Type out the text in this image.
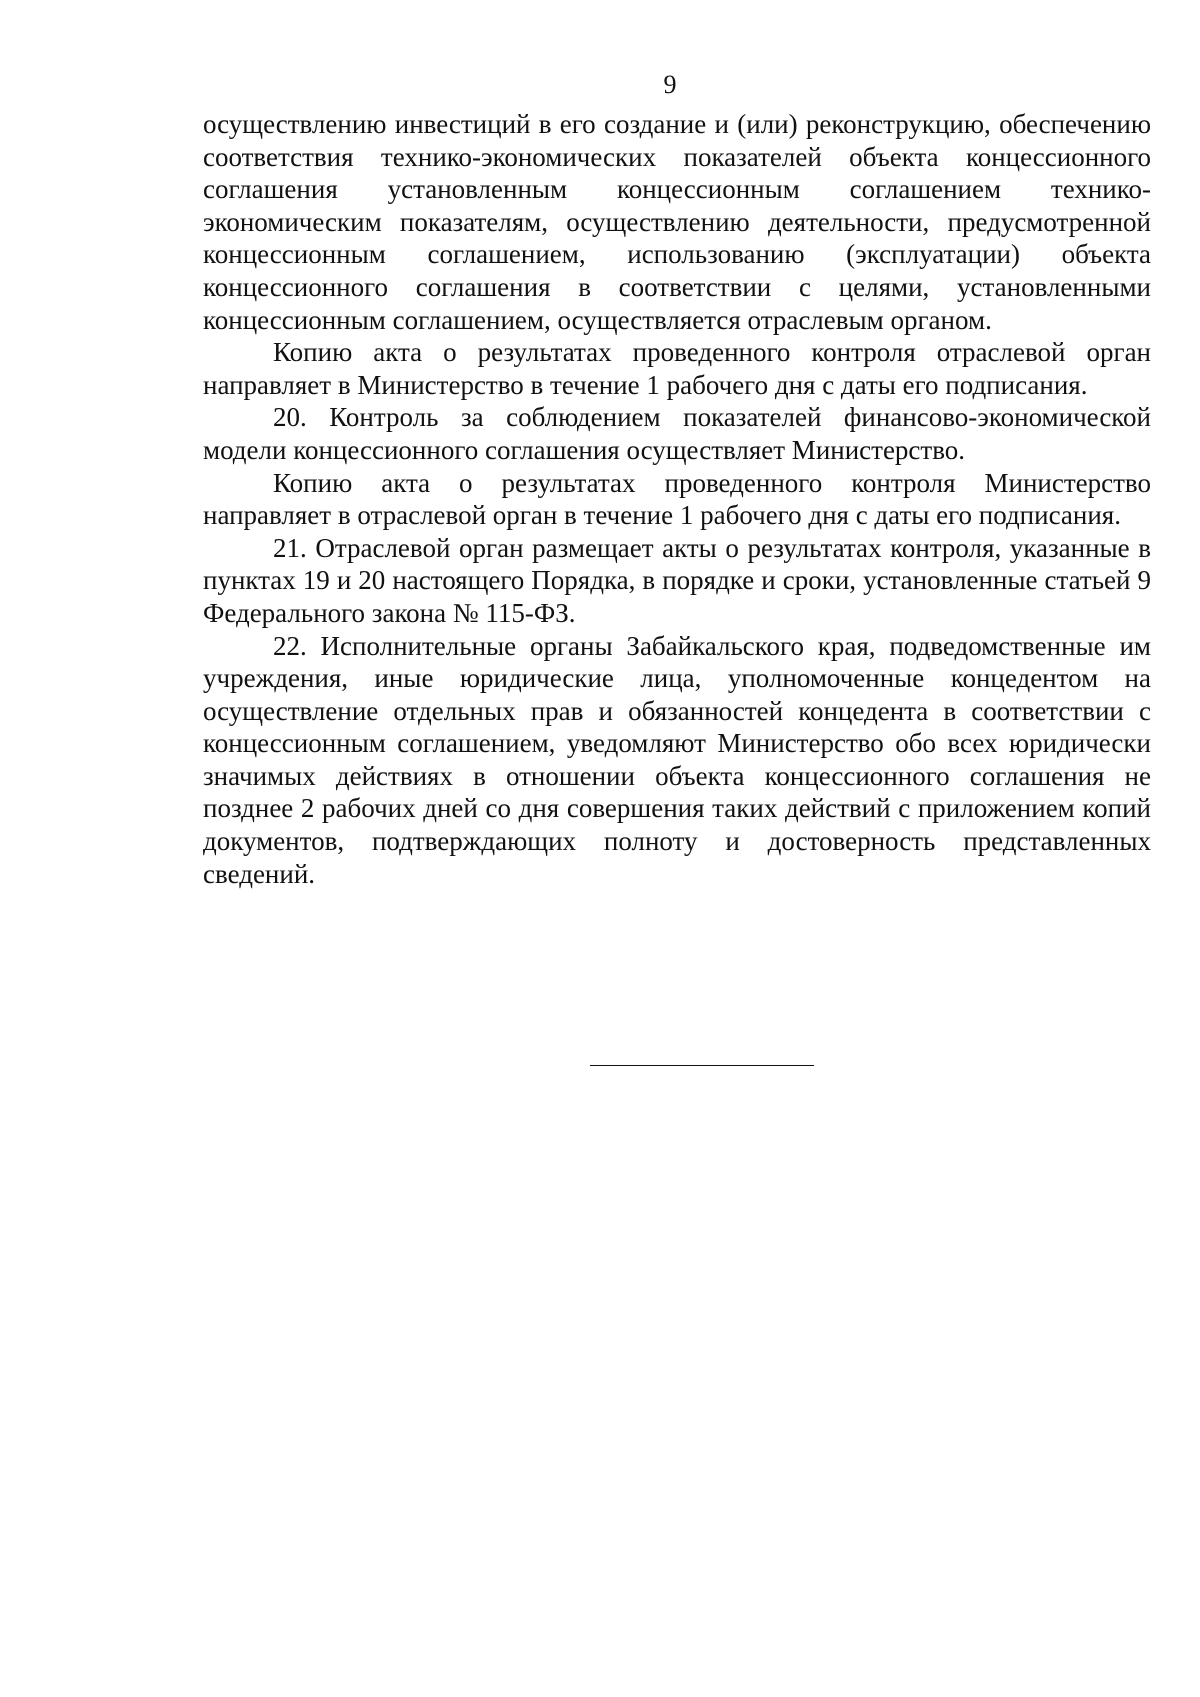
9

осуществлению инвестиций в его создание и (или) реконструкцию, обеспечению соответствия технико-экономических показателей объекта концессионного соглашения установленным концессионным соглашением технико-экономическим показателям, осуществлению деятельности, предусмотренной концессионным соглашением, использованию (эксплуатации) объекта концессионного соглашения в соответствии с целями, установленными концессионным соглашением, осуществляется отраслевым органом.

Копию акта о результатах проведенного контроля отраслевой орган направляет в Министерство в течение 1 рабочего дня с даты его подписания.

20. Контроль за соблюдением показателей финансово-экономической модели концессионного соглашения осуществляет Министерство.

Копию акта о результатах проведенного контроля Министерство направляет в отраслевой орган в течение 1 рабочего дня с даты его подписания.

21. Отраслевой орган размещает акты о результатах контроля, указанные в пунктах 19 и 20 настоящего Порядка, в порядке и сроки, установленные статьей 9 Федерального закона № 115-ФЗ.

22. Исполнительные органы Забайкальского края, подведомственные им учреждения, иные юридические лица, уполномоченные концедентом на осуществление отдельных прав и обязанностей концедента в соответствии с концессионным соглашением, уведомляют Министерство обо всех юридически значимых действиях в отношении объекта концессионного соглашения не позднее 2 рабочих дней со дня совершения таких действий с приложением копий документов, подтверждающих полноту и достоверность представленных сведений.
